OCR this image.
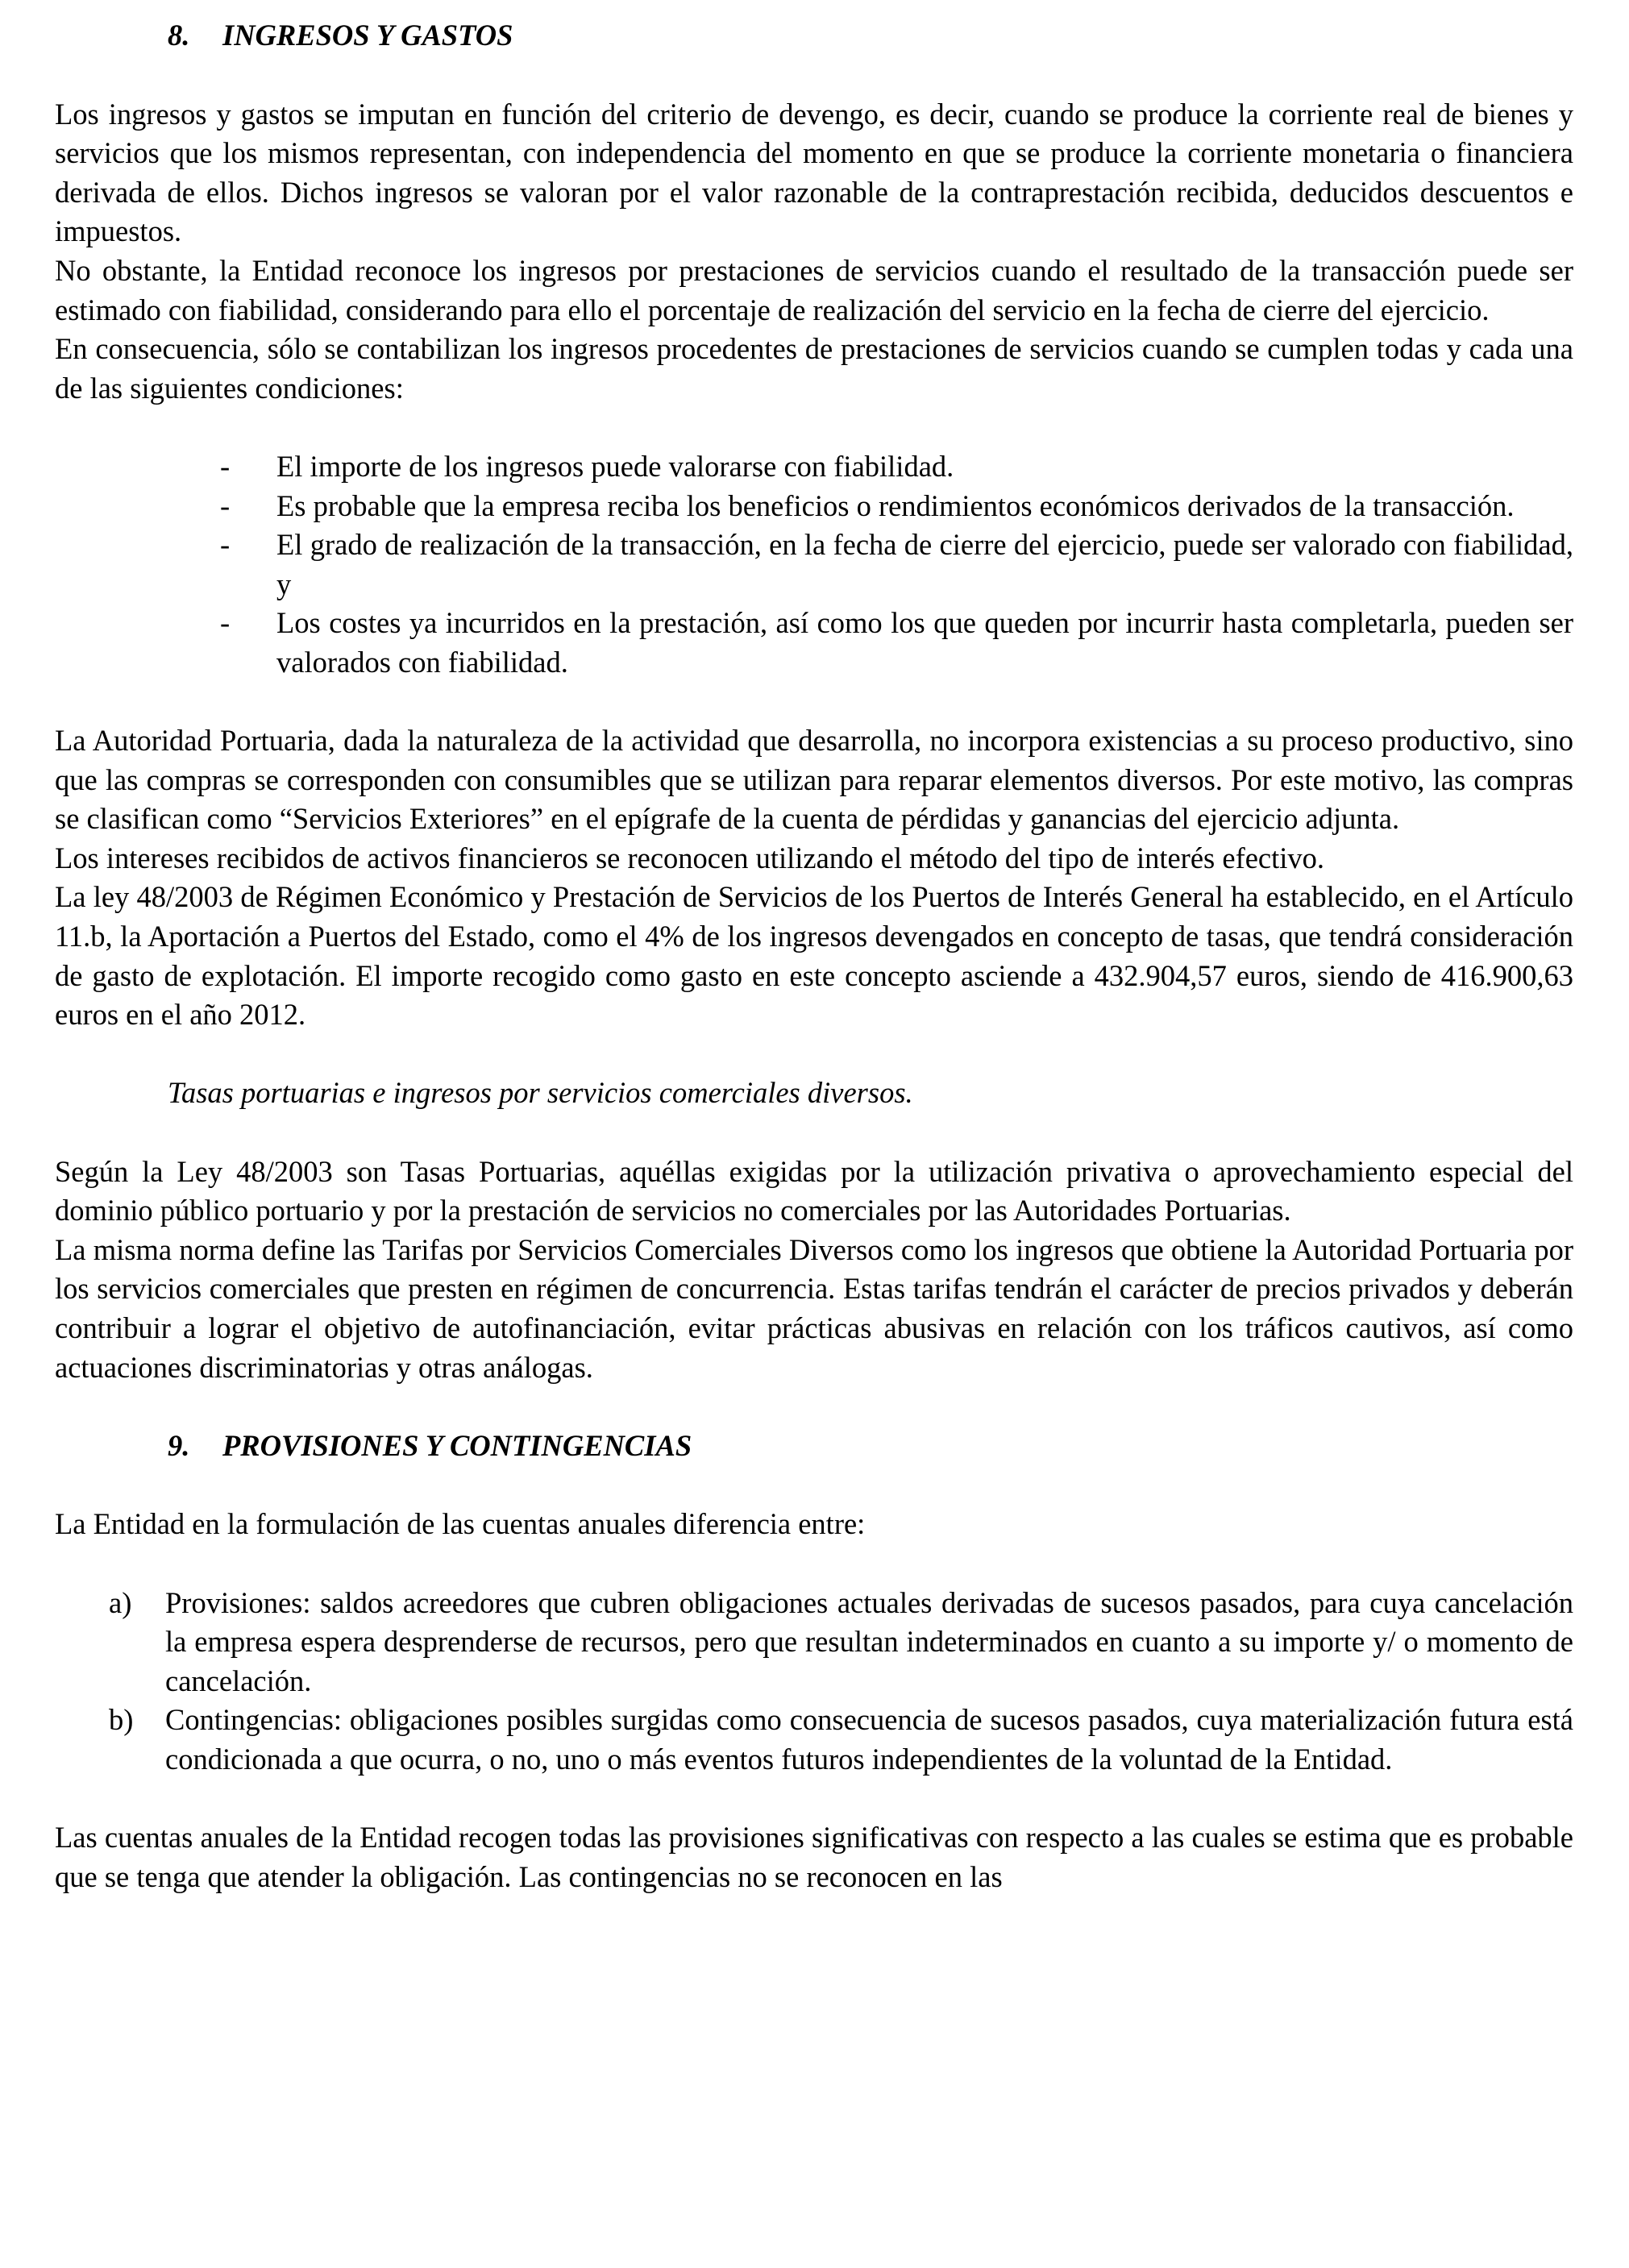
8.	INGRESOS Y GASTOS

Los ingresos y gastos se imputan en función del criterio de devengo, es decir, cuando se produce la corriente real de bienes y servicios que los mismos representan, con independencia del momento en que se produce la corriente monetaria o financiera derivada de ellos. Dichos ingresos se valoran por el valor razonable de la contraprestación recibida, deducidos descuentos e impuestos.

No obstante, la Entidad reconoce los ingresos por prestaciones de servicios cuando el resultado de la transacción puede ser estimado con fiabilidad, considerando para ello el porcentaje de realización del servicio en la fecha de cierre del ejercicio.

En consecuencia, sólo se contabilizan los ingresos procedentes de prestaciones de servicios cuando se cumplen todas y cada una de las siguientes condiciones:

-	El importe de los ingresos puede valorarse con fiabilidad.
-	Es probable que la empresa reciba los beneficios o rendimientos económicos derivados de la transacción.
-	El grado de realización de la transacción, en la fecha de cierre del ejercicio, puede ser valorado con fiabilidad, y
-	Los costes ya incurridos en la prestación, así como los que queden por incurrir hasta completarla, pueden ser valorados con fiabilidad.

La Autoridad Portuaria, dada la naturaleza de la actividad que desarrolla, no incorpora existencias a su proceso productivo, sino que las compras se corresponden con consumibles que se utilizan para reparar elementos diversos. Por este motivo, las compras se clasifican como “Servicios Exteriores” en el epígrafe de la cuenta de pérdidas y ganancias del ejercicio adjunta.

Los intereses recibidos de activos financieros se reconocen utilizando el método del tipo de interés efectivo.

La ley 48/2003 de Régimen Económico y Prestación de Servicios de los Puertos de Interés General ha establecido, en el Artículo 11.b, la Aportación a Puertos del Estado, como el 4% de los ingresos devengados en concepto de tasas, que tendrá consideración de gasto de explotación. El importe recogido como gasto en este concepto asciende a 432.904,57 euros, siendo de 416.900,63 euros en el año 2012.

Tasas portuarias e ingresos por servicios comerciales diversos.

Según la Ley 48/2003 son Tasas Portuarias, aquéllas exigidas por la utilización privativa o aprovechamiento especial del dominio público portuario y por la prestación de servicios no comerciales por las Autoridades Portuarias.

La misma norma define las Tarifas por Servicios Comerciales Diversos como los ingresos que obtiene la Autoridad Portuaria por los servicios comerciales que presten en régimen de concurrencia. Estas tarifas tendrán el carácter de precios privados y deberán contribuir a lograr el objetivo de autofinanciación, evitar prácticas abusivas en relación con los tráficos cautivos, así como actuaciones discriminatorias y otras análogas.

9.	PROVISIONES Y CONTINGENCIAS

La Entidad en la formulación de las cuentas anuales diferencia entre:

a)	Provisiones: saldos acreedores que cubren obligaciones actuales derivadas de sucesos pasados, para cuya cancelación la empresa espera desprenderse de recursos, pero que resultan indeterminados en cuanto a su importe y/ o momento de cancelación.
b)	Contingencias: obligaciones posibles surgidas como consecuencia de sucesos pasados, cuya materialización futura está condicionada a que ocurra, o no, uno o más eventos futuros independientes de la voluntad de la Entidad.

Las cuentas anuales de la Entidad recogen todas las provisiones significativas con respecto a las cuales se estima que es probable que se tenga que atender la obligación. Las contingencias no se reconocen en las
